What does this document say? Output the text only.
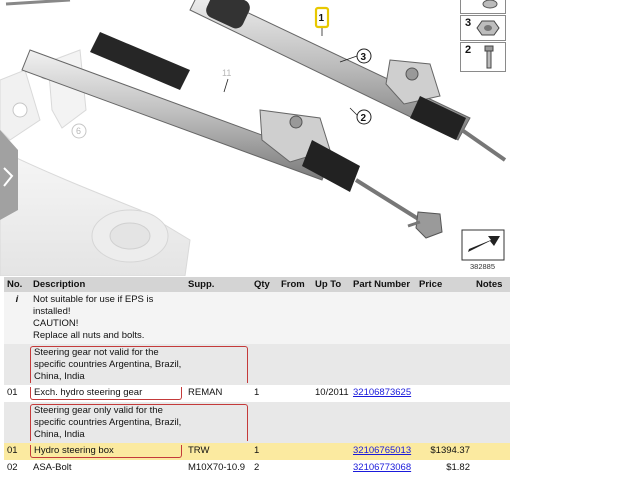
6
1
3
2
11
3
2
382885
No.	Description	Supp.	Qty	From	Up To	Part Number	Price	Notes
i	Not suitable for use if EPS is
installed!
CAUTION!
Replace all nuts and bolts.							

	Steering gear not valid for the
specific countries Argentina, Brazil,
China, India							

01	Exch. hydro steering gear	REMAN	1		10/2011	32106873625		

	Steering gear only valid for the
specific countries Argentina, Brazil,
China, India							

01	Hydro steering box	TRW	1			32106765013	$1394.37	
02	ASA-Bolt	M10X70-10.9	2			32106773068	$1.82	
